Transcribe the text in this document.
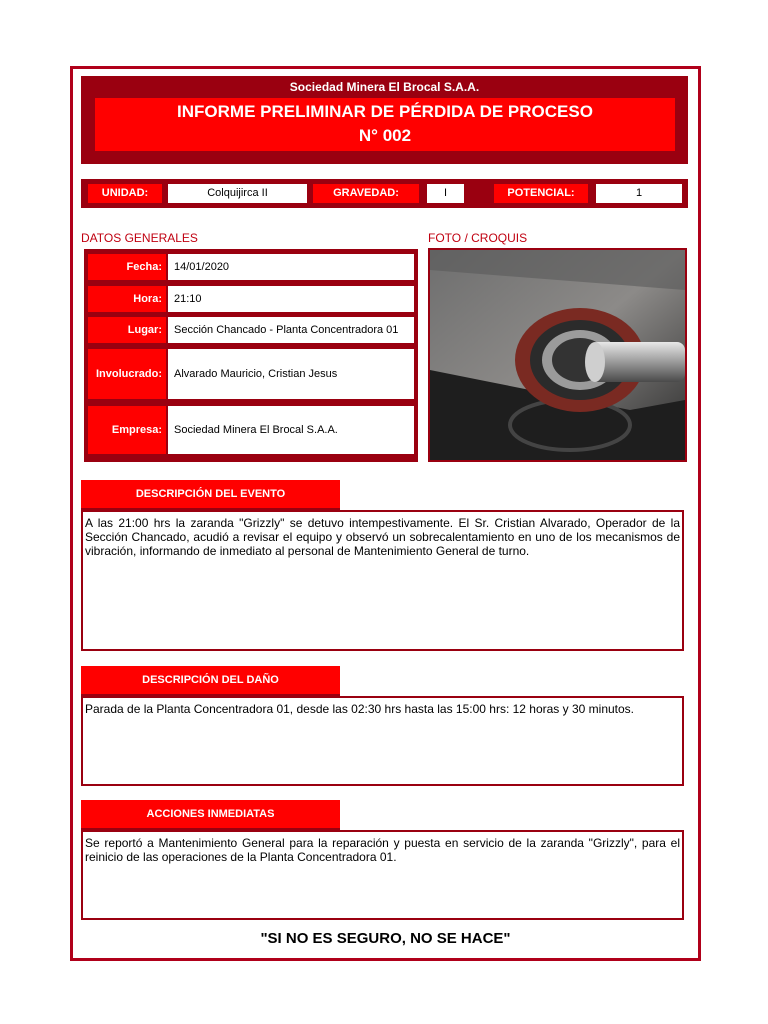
Sociedad Minera El Brocal S.A.A.
INFORME PRELIMINAR DE PÉRDIDA DE PROCESO
N° 002
UNIDAD:	Colquijirca II	GRAVEDAD:	I	POTENCIAL:	1
DATOS GENERALES	FOTO / CROQUIS
Fecha:	14/01/2020
Hora:	21:10
Lugar:	Sección Chancado - Planta Concentradora 01
Involucrado:	Alvarado Mauricio, Cristian Jesus
Empresa:	Sociedad Minera El Brocal S.A.A.
DESCRIPCIÓN DEL EVENTO
A las 21:00 hrs la zaranda "Grizzly" se detuvo intempestivamente. El Sr. Cristian Alvarado, Operador de la Sección Chancado, acudió a revisar el equipo y observó un sobrecalentamiento en uno de los mecanismos de vibración, informando de inmediato al personal de Mantenimiento General de turno.
DESCRIPCIÓN DEL DAÑO
Parada de la Planta Concentradora 01, desde las 02:30 hrs hasta las 15:00 hrs: 12 horas y 30 minutos.
ACCIONES INMEDIATAS
Se reportó a Mantenimiento General para la reparación y puesta en servicio de la zaranda "Grizzly", para el reinicio de las operaciones de la Planta Concentradora 01.
"SI NO ES SEGURO, NO SE HACE"
